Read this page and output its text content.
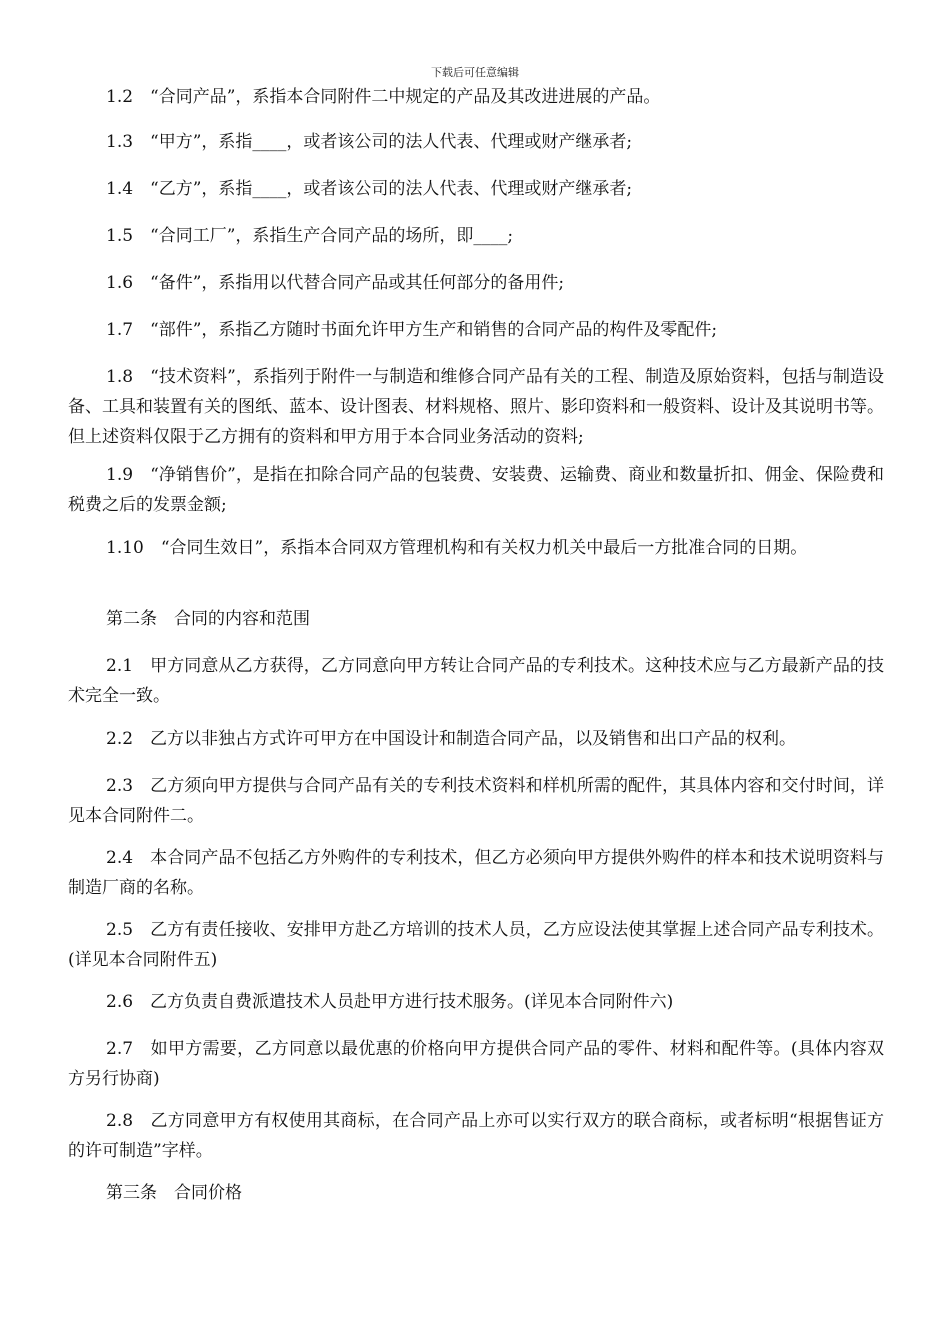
下载后可任意编辑
1.2　“合同产品”，系指本合同附件二中规定的产品及其改进进展的产品。
1.3　“甲方”，系指____，或者该公司的法人代表、代理或财产继承者;
1.4　“乙方”，系指____，或者该公司的法人代表、代理或财产继承者;
1.5　“合同工厂”，系指生产合同产品的场所，即____;
1.6　“备件”，系指用以代替合同产品或其任何部分的备用件;
1.7　“部件”，系指乙方随时书面允许甲方生产和销售的合同产品的构件及零配件;
1.8　“技术资料”，系指列于附件一与制造和维修合同产品有关的工程、制造及原始资料，包括与制造设备、工具和装置有关的图纸、蓝本、设计图表、材料规格、照片、影印资料和一般资料、设计及其说明书等。但上述资料仅限于乙方拥有的资料和甲方用于本合同业务活动的资料;
1.9　“净销售价”，是指在扣除合同产品的包装费、安装费、运输费、商业和数量折扣、佣金、保险费和税费之后的发票金额;
1.10　“合同生效日”，系指本合同双方管理机构和有关权力机关中最后一方批准合同的日期。
第二条　合同的内容和范围
2.1　甲方同意从乙方获得，乙方同意向甲方转让合同产品的专利技术。这种技术应与乙方最新产品的技术完全一致。
2.2　乙方以非独占方式许可甲方在中国设计和制造合同产品，以及销售和出口产品的权利。
2.3　乙方须向甲方提供与合同产品有关的专利技术资料和样机所需的配件，其具体内容和交付时间，详见本合同附件二。
2.4　本合同产品不包括乙方外购件的专利技术，但乙方必须向甲方提供外购件的样本和技术说明资料与制造厂商的名称。
2.5　乙方有责任接收、安排甲方赴乙方培训的技术人员，乙方应设法使其掌握上述合同产品专利技术。(详见本合同附件五)
2.6　乙方负责自费派遣技术人员赴甲方进行技术服务。(详见本合同附件六)
2.7　如甲方需要，乙方同意以最优惠的价格向甲方提供合同产品的零件、材料和配件等。(具体内容双方另行协商)
2.8　乙方同意甲方有权使用其商标，在合同产品上亦可以实行双方的联合商标，或者标明“根据售证方的许可制造”字样。
第三条　合同价格
